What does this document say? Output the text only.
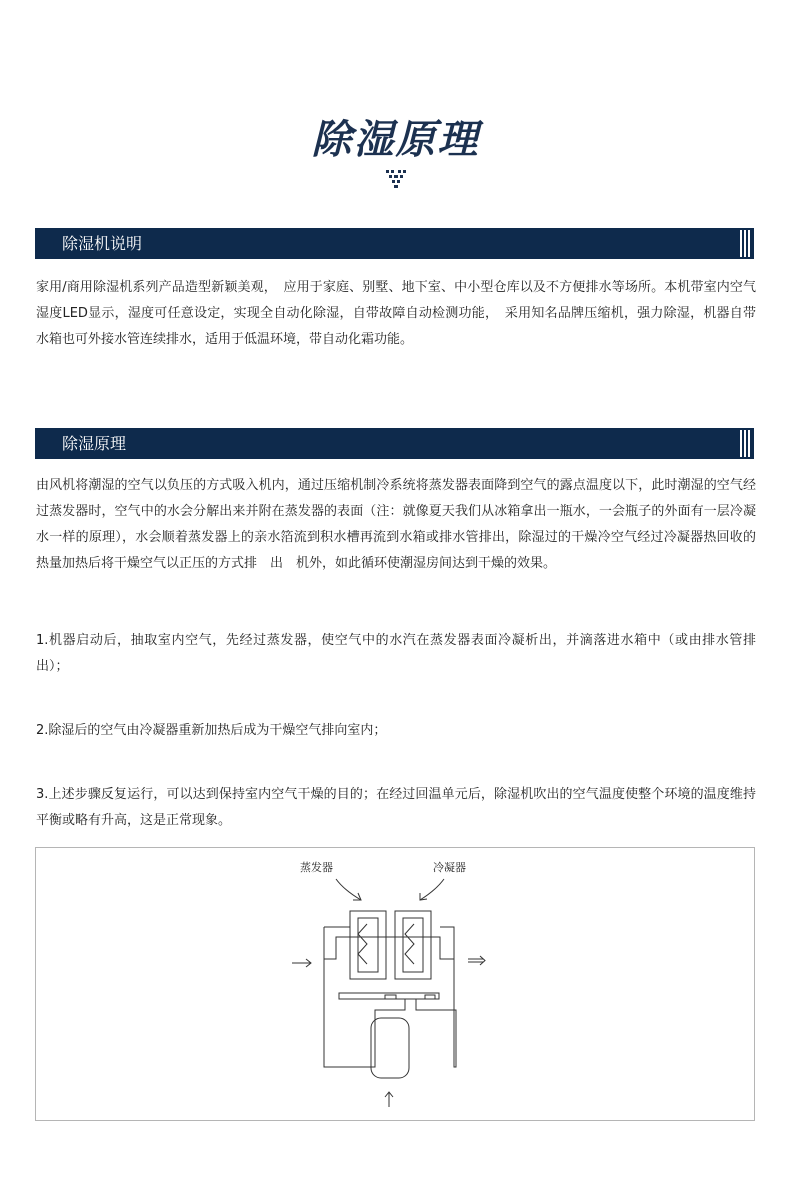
除湿原理
除湿机说明

家用/商用除湿机系列产品造型新颖美观，　应用于家庭、别墅、地下室、中小型仓库以及不方便排水等场所。本机带室内空气湿度LED显示，湿度可任意设定，实现全自动化除湿，自带故障自动检测功能，　采用知名品牌压缩机，强力除湿，机器自带水箱也可外接水管连续排水，适用于低温环境，带自动化霜功能。

除湿原理

由风机将潮湿的空气以负压的方式吸入机内，通过压缩机制冷系统将蒸发器表面降到空气的露点温度以下，此时潮湿的空气经过蒸发器时，空气中的水会分解出来并附在蒸发器的表面（注：就像夏天我们从冰箱拿出一瓶水，一会瓶子的外面有一层冷凝水一样的原理），水会顺着蒸发器上的亲水箔流到积水槽再流到水箱或排水管排出，除湿过的干燥冷空气经过冷凝器热回收的热量加热后将干燥空气以正压的方式排　出　机外，如此循环使潮湿房间达到干燥的效果。

1.机器启动后，抽取室内空气，先经过蒸发器，使空气中的水汽在蒸发器表面冷凝析出，并滴落进水箱中（或由排水管排出）；

2.除湿后的空气由冷凝器重新加热后成为干燥空气排向室内；

3.上述步骤反复运行，可以达到保持室内空气干燥的目的；在经过回温单元后，除湿机吹出的空气温度使整个环境的温度维持平衡或略有升高，这是正常现象。

蒸发器	冷凝器
